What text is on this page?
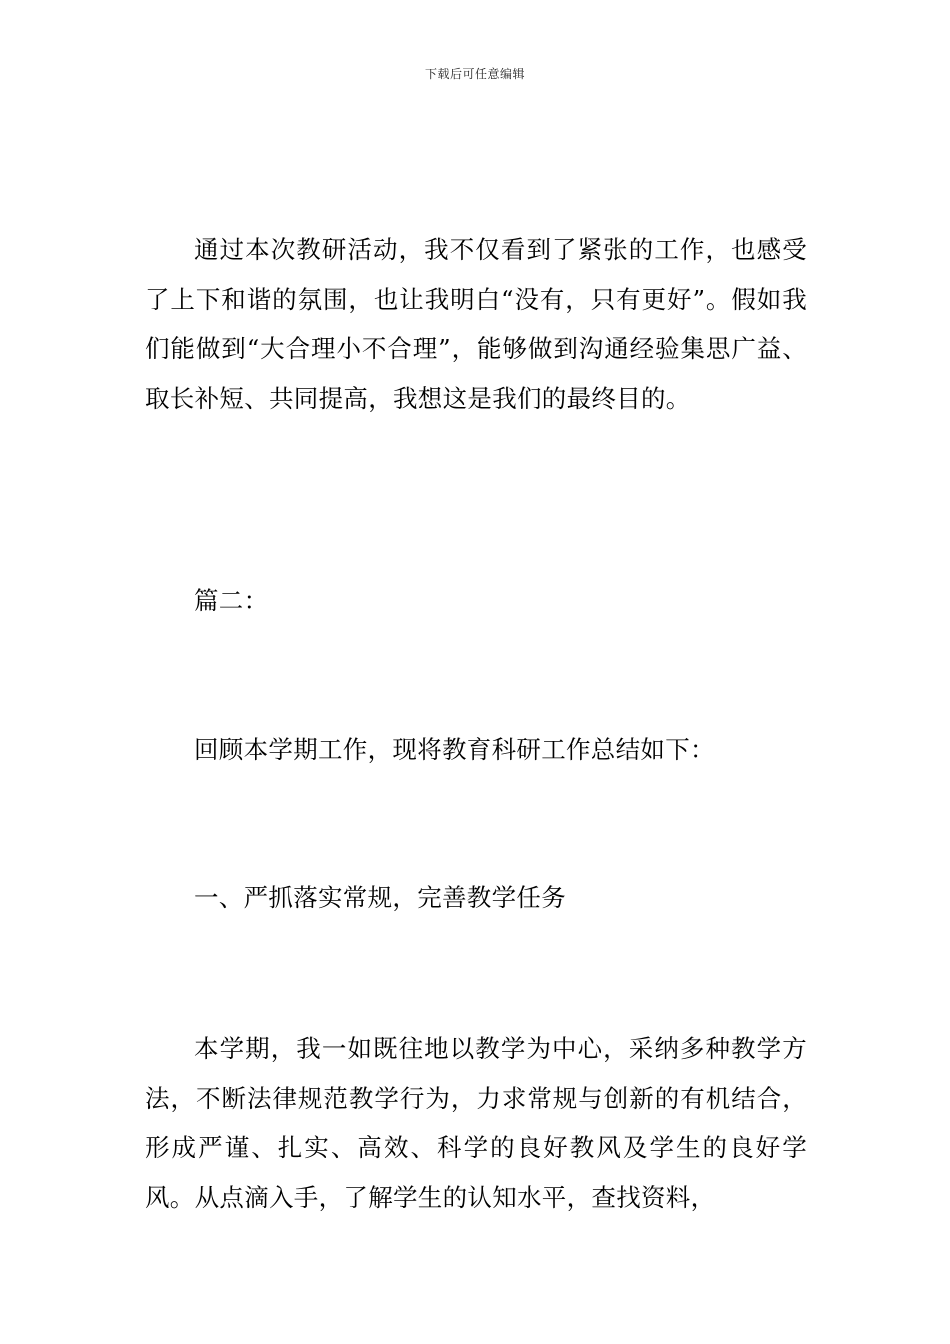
下载后可任意编辑

通过本次教研活动，我不仅看到了紧张的工作，也感受了上下和谐的氛围，也让我明白“没有，只有更好”。假如我们能做到“大合理小不合理”，能够做到沟通经验集思广益、取长补短、共同提高，我想这是我们的最终目的。

篇二：

回顾本学期工作，现将教育科研工作总结如下：

一、严抓落实常规，完善教学任务

本学期，我一如既往地以教学为中心，采纳多种教学方法，不断法律规范教学行为，力求常规与创新的有机结合，形成严谨、扎实、高效、科学的良好教风及学生的良好学风。从点滴入手，了解学生的认知水平，查找资料，
